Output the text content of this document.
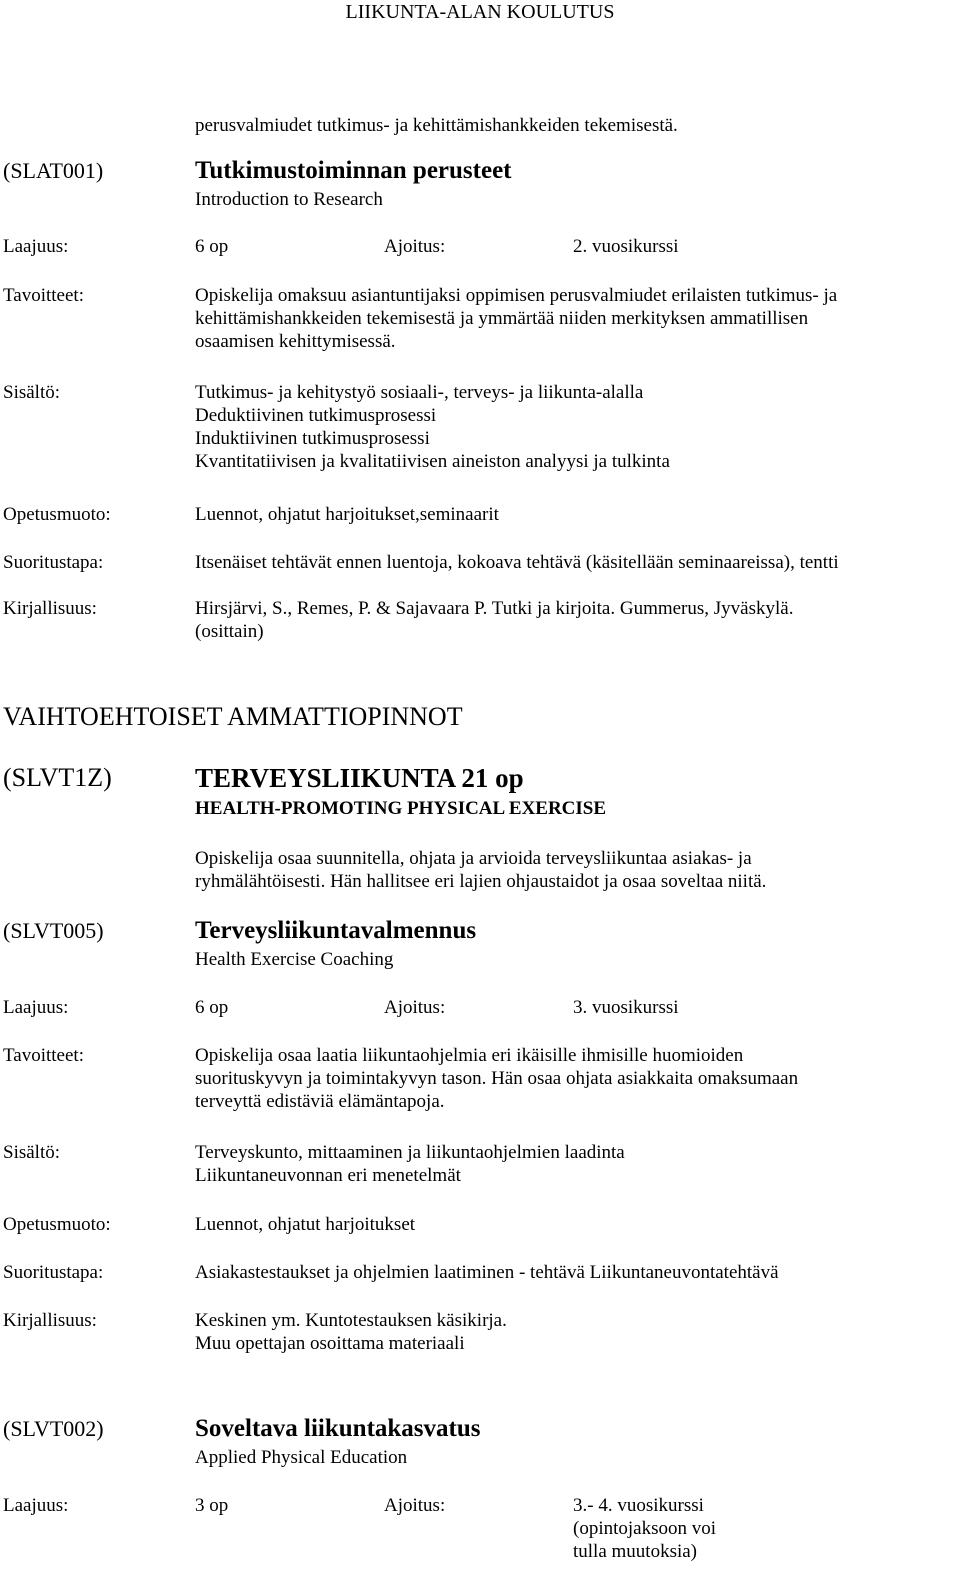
LIIKUNTA-ALAN KOULUTUS
perusvalmiudet tutkimus- ja kehittämishankkeiden tekemisestä.
(SLAT001)	Tutkimustoiminnan perusteet
Introduction to Research
Laajuus:	6 op	Ajoitus:	2. vuosikurssi
Tavoitteet:	Opiskelija omaksuu asiantuntijaksi oppimisen perusvalmiudet erilaisten tutkimus- ja
kehittämishankkeiden tekemisestä ja ymmärtää niiden merkityksen ammatillisen
osaamisen kehittymisessä.
Sisältö:	Tutkimus- ja kehitystyö sosiaali-, terveys- ja liikunta-alalla
Deduktiivinen tutkimusprosessi
Induktiivinen tutkimusprosessi
Kvantitatiivisen ja kvalitatiivisen aineiston analyysi ja tulkinta
Opetusmuoto:	Luennot, ohjatut harjoitukset,seminaarit
Suoritustapa:	Itsenäiset tehtävät ennen luentoja, kokoava tehtävä (käsitellään seminaareissa), tentti
Kirjallisuus:	Hirsjärvi, S., Remes, P. & Sajavaara P. Tutki ja kirjoita. Gummerus, Jyväskylä.
(osittain)
VAIHTOEHTOISET AMMATTIOPINNOT
(SLVT1Z)	TERVEYSLIIKUNTA 21 op
HEALTH-PROMOTING PHYSICAL EXERCISE
Opiskelija osaa suunnitella, ohjata ja arvioida terveysliikuntaa asiakas- ja
ryhmälähtöisesti. Hän hallitsee eri lajien ohjaustaidot ja osaa soveltaa niitä.
(SLVT005)	Terveysliikuntavalmennus
Health Exercise Coaching
Laajuus:	6 op	Ajoitus:	3. vuosikurssi
Tavoitteet:	Opiskelija osaa laatia liikuntaohjelmia eri ikäisille ihmisille huomioiden
suorituskyvyn ja toimintakyvyn tason. Hän osaa ohjata asiakkaita omaksumaan
terveyttä edistäviä elämäntapoja.
Sisältö:	Terveyskunto, mittaaminen ja liikuntaohjelmien laadinta
Liikuntaneuvonnan eri menetelmät
Opetusmuoto:	Luennot, ohjatut harjoitukset
Suoritustapa:	Asiakastestaukset ja ohjelmien laatiminen - tehtävä Liikuntaneuvontatehtävä
Kirjallisuus:	Keskinen ym. Kuntotestauksen käsikirja.
Muu opettajan osoittama materiaali
(SLVT002)	Soveltava liikuntakasvatus
Applied Physical Education
Laajuus:	3 op	Ajoitus:	3.- 4. vuosikurssi
(opintojaksoon voi
tulla muutoksia)
